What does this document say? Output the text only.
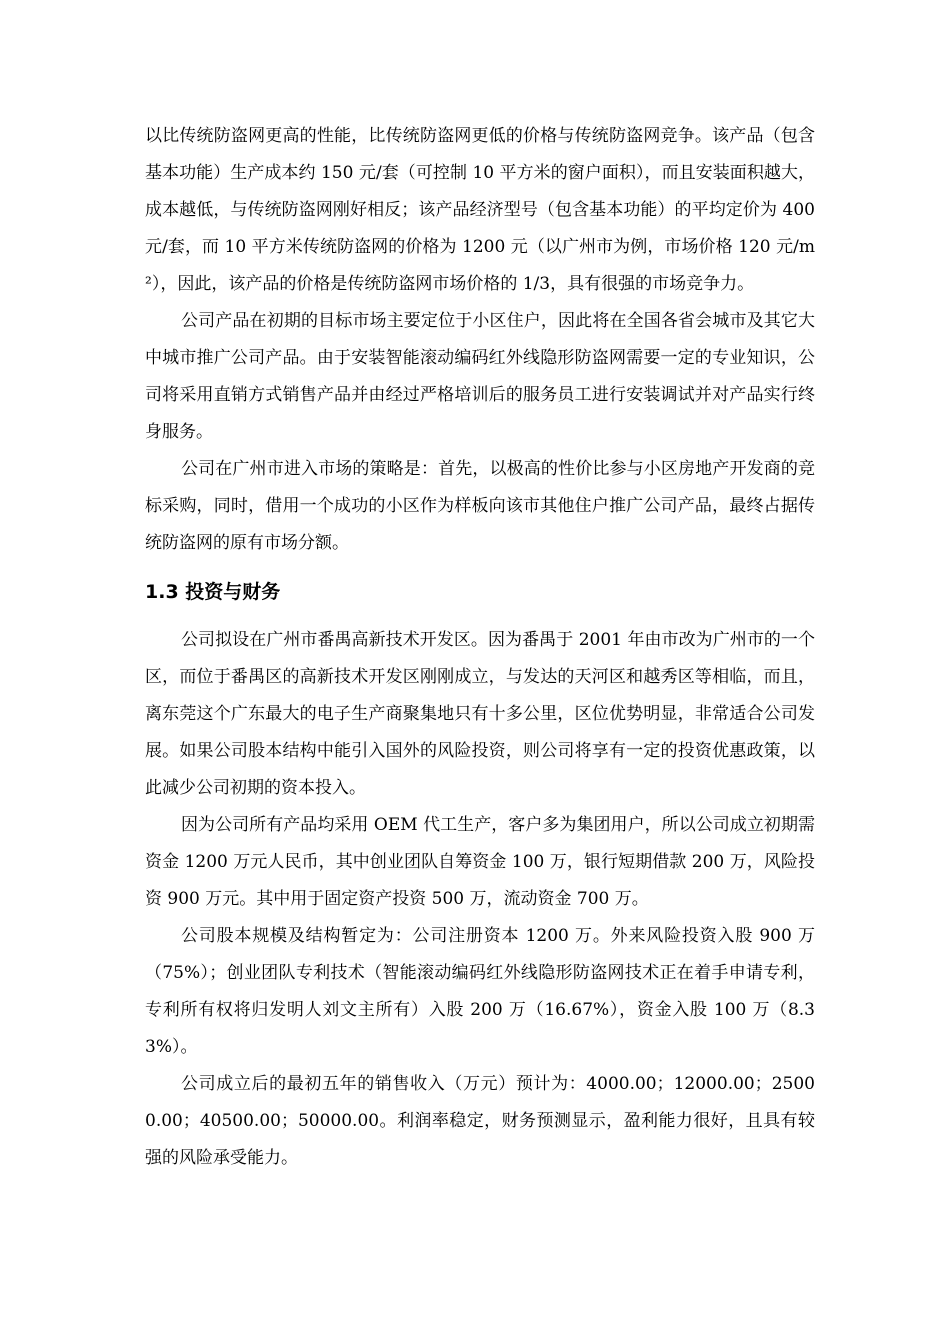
以比传统防盗网更高的性能，比传统防盗网更低的价格与传统防盗网竞争。该产品（包含基本功能）生产成本约 150 元/套（可控制 10 平方米的窗户面积），而且安装面积越大，成本越低，与传统防盗网刚好相反；该产品经济型号（包含基本功能）的平均定价为 400 元/套，而 10 平方米传统防盗网的价格为 1200 元（以广州市为例，市场价格 120 元/m²），因此，该产品的价格是传统防盗网市场价格的 1/3，具有很强的市场竞争力。

公司产品在初期的目标市场主要定位于小区住户，因此将在全国各省会城市及其它大中城市推广公司产品。由于安装智能滚动编码红外线隐形防盗网需要一定的专业知识，公司将采用直销方式销售产品并由经过严格培训后的服务员工进行安装调试并对产品实行终身服务。

公司在广州市进入市场的策略是：首先，以极高的性价比参与小区房地产开发商的竞标采购，同时，借用一个成功的小区作为样板向该市其他住户推广公司产品，最终占据传统防盗网的原有市场分额。

1.3 投资与财务

公司拟设在广州市番禺高新技术开发区。因为番禺于 2001 年由市改为广州市的一个区，而位于番禺区的高新技术开发区刚刚成立，与发达的天河区和越秀区等相临，而且，离东莞这个广东最大的电子生产商聚集地只有十多公里，区位优势明显，非常适合公司发展。如果公司股本结构中能引入国外的风险投资，则公司将享有一定的投资优惠政策，以此减少公司初期的资本投入。

因为公司所有产品均采用 OEM 代工生产，客户多为集团用户，所以公司成立初期需资金 1200 万元人民币，其中创业团队自筹资金 100 万，银行短期借款 200 万，风险投资 900 万元。其中用于固定资产投资 500 万，流动资金 700 万。

公司股本规模及结构暂定为：公司注册资本 1200 万。外来风险投资入股 900 万（75%）；创业团队专利技术（智能滚动编码红外线隐形防盗网技术正在着手申请专利，专利所有权将归发明人刘文主所有）入股 200 万（16.67%），资金入股 100 万（8.33%）。

公司成立后的最初五年的销售收入（万元）预计为：4000.00；12000.00；25000.00；40500.00；50000.00。利润率稳定，财务预测显示，盈利能力很好，且具有较强的风险承受能力。
